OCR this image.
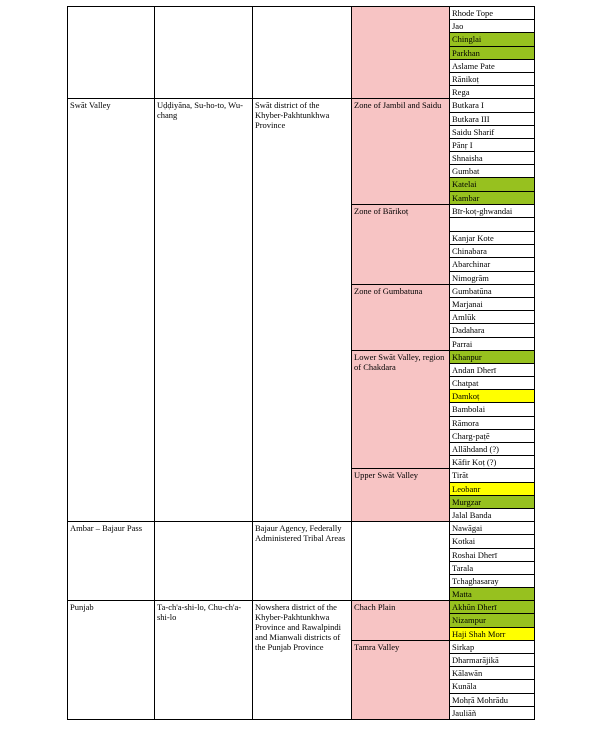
				Rhode Tope
				Jao
				Chinglai
				Parkhan
				Aslame Pate
				Rānikoṭ
				Rega
Swāt Valley	Uḍḍiyāna, Su-ho-to, Wu-chang	Swāt district of the Khyber-Pakhtunkhwa Province	Zone of Jambil and Saidu	Butkara I
				Butkara III
				Saidu Sharif
				Pānṛ I
				Shnaisha
				Gumbat
				Katelai
				Kambar
			Zone of Bārikoṭ	Bīr-koṭ-ghwandai

				Kanjar Kote
				Chinabara
				Abarchinar
				Nimogrām
			Zone of Gumbatuna	Gumbatūna
				Marjanai
				Amlūk
				Dadahara
				Parrai
			Lower Swāt Valley, region of Chakdara	Khanpur
				Andan Dherī
				Chatpat
				Damkoṭ
				Bambolai
				Rāmora
				Charg-paṭē
				Allāhdand (?)
				Kāfir Koṭ (?)
			Upper Swāt Valley	Tirāt
				Leobanr
				Murgzar
				Jalal Banda
Ambar – Bajaur Pass		Bajaur Agency, Federally Administered Tribal Areas		Nawāgai
				Kotkai
				Roshai Dherī
				Tarala
				Tchaghasaray
				Matta
Punjab	Ta-ch'a-shi-lo, Chu-ch'a-shi-lo	Nowshera district of the Khyber-Pakhtunkhwa Province and Rawalpindi and Mianwali districts of the Punjab Province	Chach Plain	Akhūn Dherī
				Nizampur
				Haji Shah Morr
			Tamra Valley	Sirkap
				Dharmarājikā
				Kālawān
				Kunāla
				Mohṛā Mohrādu
				Jauliāñ
